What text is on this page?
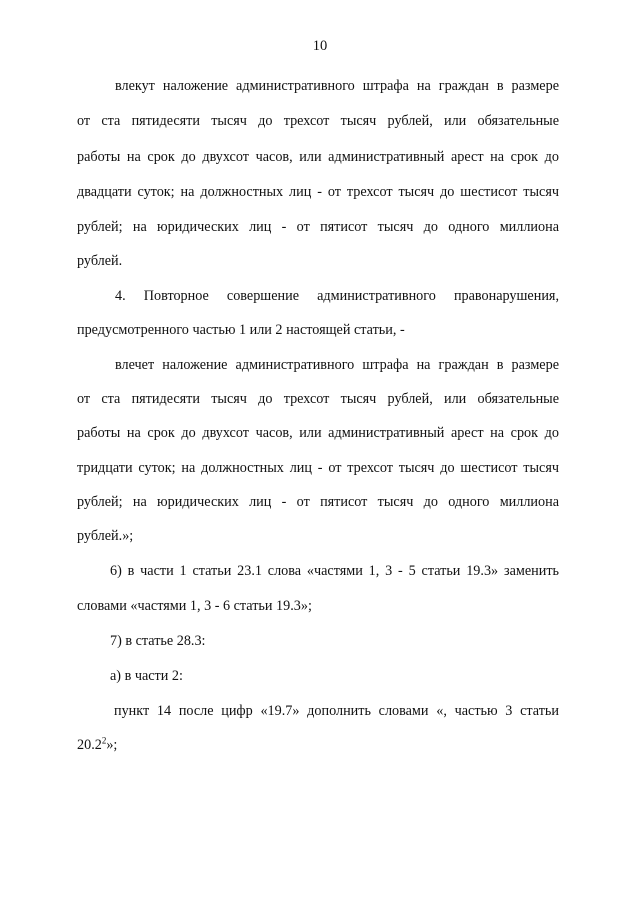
10
влекут наложение административного штрафа на граждан в размере
от ста пятидесяти тысяч до трехсот тысяч рублей, или обязательные
работы на срок до двухсот часов, или административный арест на срок до
двадцати суток; на должностных лиц - от трехсот тысяч до шестисот тысяч
рублей; на юридических лиц - от пятисот тысяч до одного миллиона
рублей.
4. Повторное совершение административного правонарушения,
предусмотренного частью 1 или 2 настоящей статьи, -
влечет наложение административного штрафа на граждан в размере
от ста пятидесяти тысяч до трехсот тысяч рублей, или обязательные
работы на срок до двухсот часов, или административный арест на срок до
тридцати суток; на должностных лиц - от трехсот тысяч до шестисот тысяч
рублей; на юридических лиц - от пятисот тысяч до одного миллиона
рублей.»;
6) в части 1 статьи 23.1 слова «частями 1, 3 - 5 статьи 19.3» заменить
словами «частями 1, 3 - 6 статьи 19.3»;
7) в статье 28.3:
а) в части 2:
пункт 14 после цифр «19.7» дополнить словами «, частью 3 статьи
20.2$^2$»;
